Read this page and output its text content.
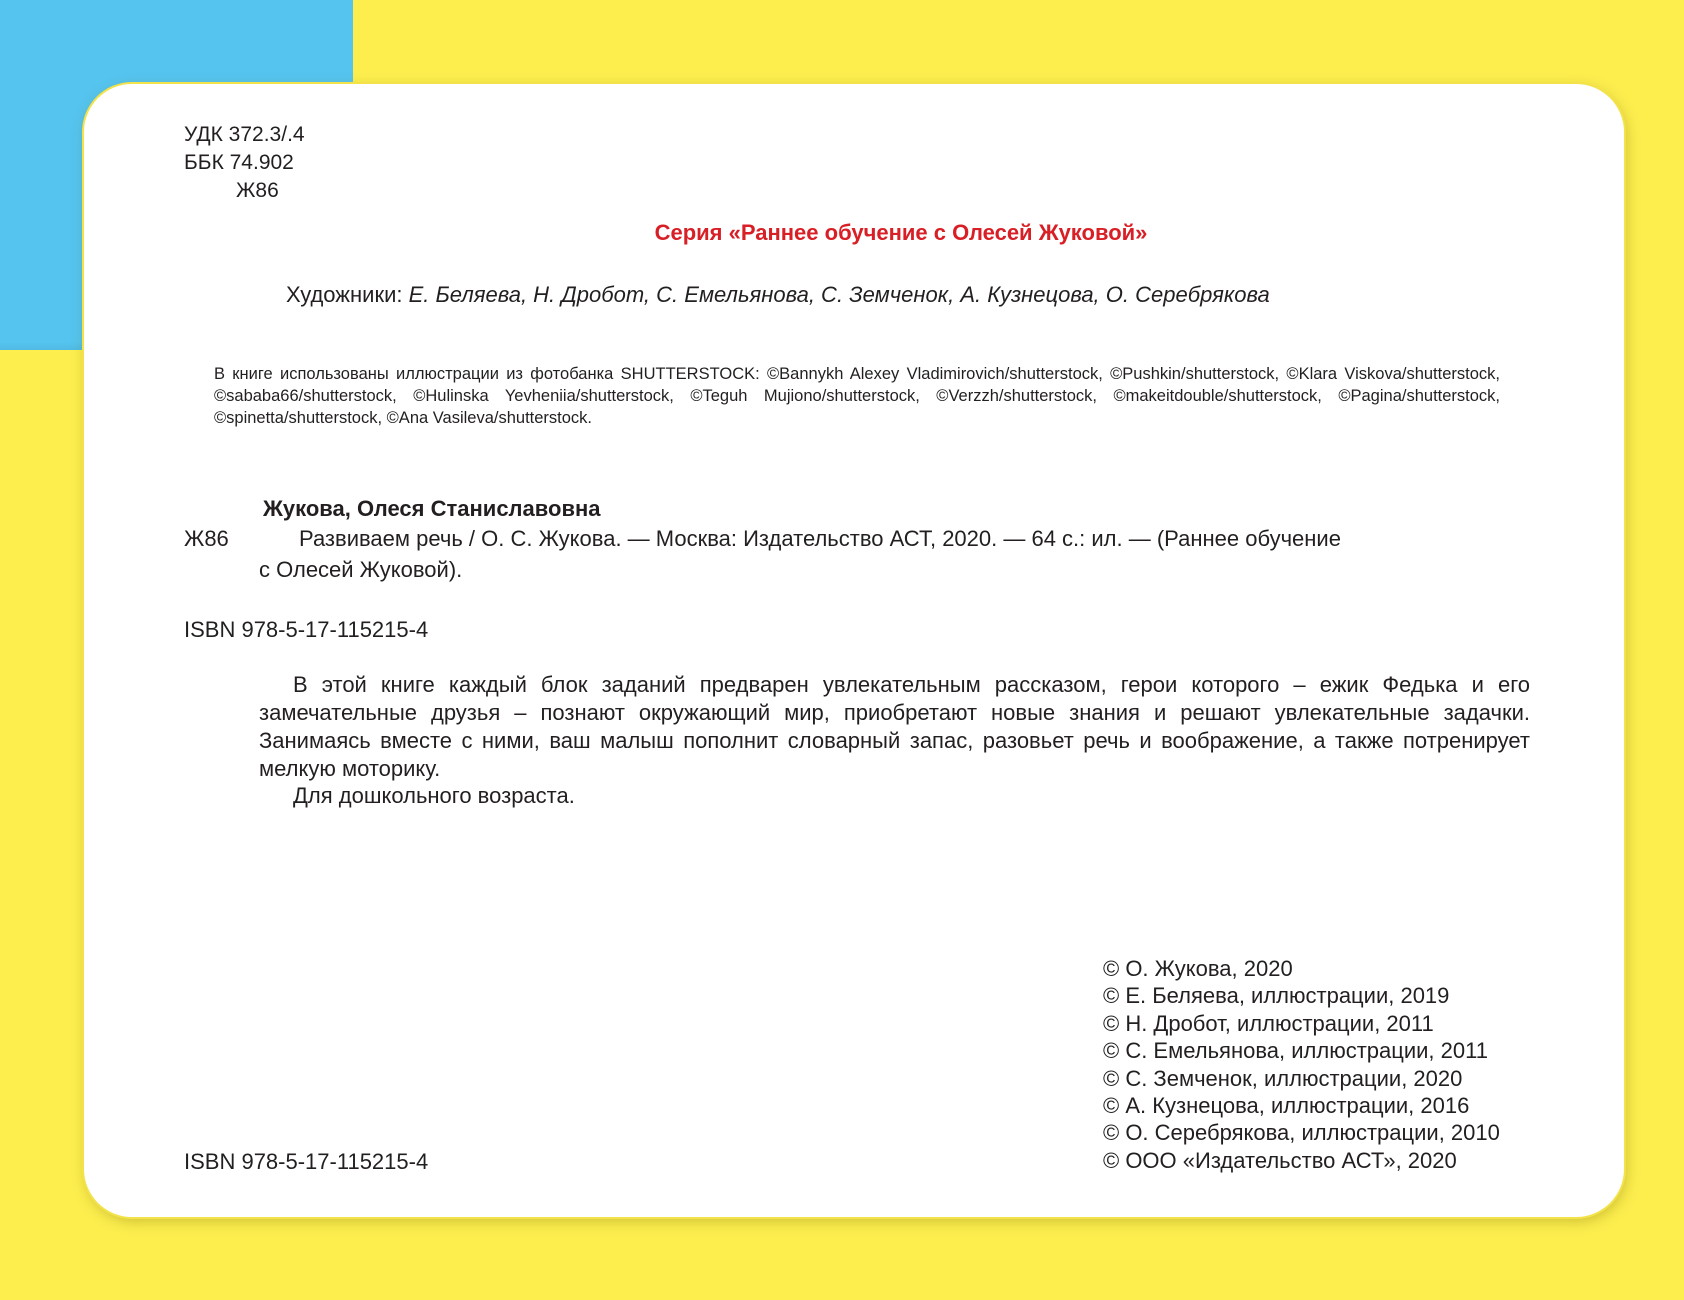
УДК 372.3/.4
ББК 74.902
Ж86
Серия «Раннее обучение с Олесей Жуковой»
Художники: Е. Беляева, Н. Дробот, С. Емельянова, С. Земченок, А. Кузнецова, О. Серебрякова
В книге использованы иллюстрации из фотобанка SHUTTERSTOCK: ©Bannykh Alexey Vladimirovich/shutterstock, ©Pushkin/shutterstock, ©Klara Viskova/shutterstock, ©sababa66/shutterstock, ©Hulinska Yevheniia/shutterstock, ©Teguh Mujiono/shutterstock, ©Verzzh/shutterstock, ©makeitdouble/shutterstock, ©Pagina/shutterstock, ©spinetta/shutterstock, ©Ana Vasileva/shutterstock.
Жукова, Олеся Станиславовна
Ж86	Развиваем речь / О. С. Жукова. — Москва: Издательство АСТ, 2020. — 64 с.: ил. — (Раннее обучение
с Олесей Жуковой).
ISBN 978-5-17-115215-4
В этой книге каждый блок заданий предварен увлекательным рассказом, герои которого – ежик Федька и его замечательные друзья – познают окружающий мир, приобретают новые знания и решают увлекательные задачки. Занимаясь вместе с ними, ваш малыш пополнит словарный запас, разовьет речь и воображение, а также потренирует мелкую моторику.
Для дошкольного возраста.
© О. Жукова, 2020
© Е. Беляева, иллюстрации, 2019
© Н. Дробот, иллюстрации, 2011
© С. Емельянова, иллюстрации, 2011
© С. Земченок, иллюстрации, 2020
© А. Кузнецова, иллюстрации, 2016
© О. Серебрякова, иллюстрации, 2010
© ООО «Издательство АСТ», 2020
ISBN 978-5-17-115215-4
